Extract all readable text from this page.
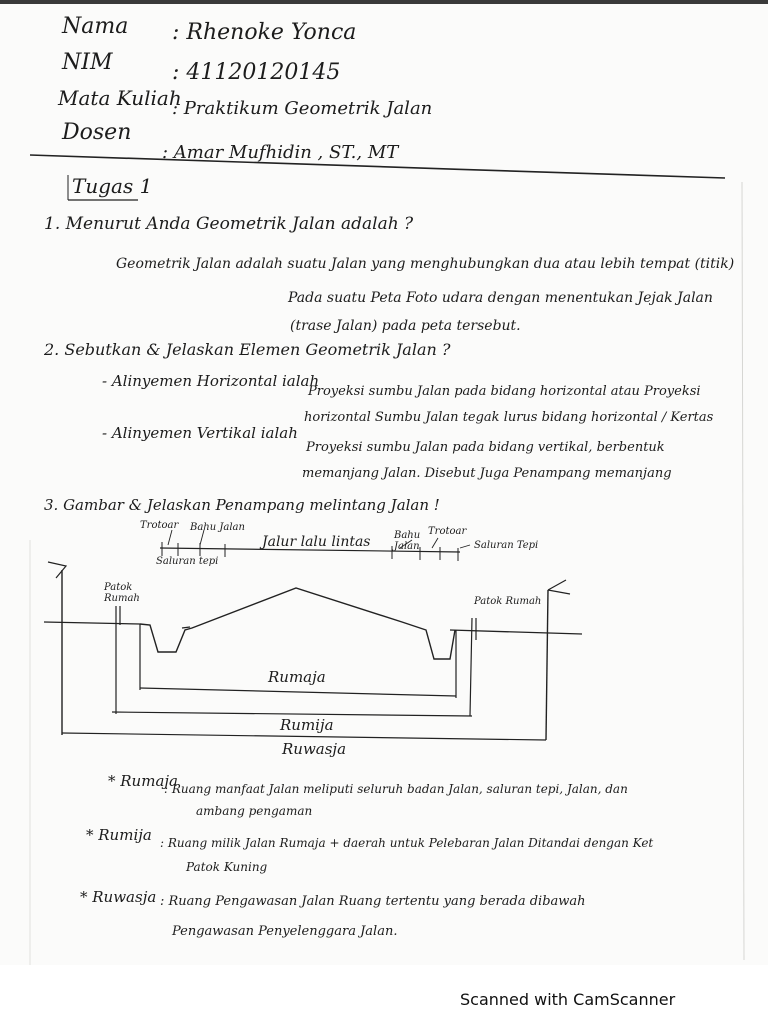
Nama : Rhenoke Yonca
NIM	: 41120120145
Mata Kuliah
: Praktikum Geometrik Jalan
Dosen
: Amar Mufhidin , ST., MT
Tugas 1
1. Menurut Anda Geometrik Jalan adalah ?
Geometrik Jalan adalah suatu Jalan yang menghubungkan dua atau lebih tempat (titik)
Pada suatu Peta Foto udara dengan menentukan Jejak Jalan
(trase Jalan) pada peta tersebut.
2. Sebutkan & Jelaskan Elemen Geometrik Jalan ?
- Alinyemen Horizontal ialah
Proyeksi sumbu Jalan pada bidang horizontal atau Proyeksi
horizontal Sumbu Jalan tegak lurus bidang horizontal / Kertas
- Alinyemen Vertikal ialah
Proyeksi sumbu Jalan pada bidang vertikal, berbentuk
memanjang Jalan. Disebut Juga Penampang memanjang
3. Gambar & Jelaskan Penampang melintang Jalan !
Trotoar Bahu Jalan
Saluran tepi
Jalur lalu lintas Bahu Jalan
Trotoar
Saluran Tepi
Patok Rumah	Patok Rumah
Rumaja
Rumija
Ruwasja
* Rumaja
: Ruang manfaat Jalan meliputi seluruh badan Jalan, saluran tepi, Jalan, dan
ambang pengaman
* Rumija : Ruang milik Jalan Rumaja + daerah untuk Pelebaran Jalan Ditandai dengan Ket
Patok Kuning
* Ruwasja : Ruang Pengawasan Jalan Ruang tertentu yang berada dibawah
Pengawasan Penyelenggara Jalan.
Scanned with CamScanner
